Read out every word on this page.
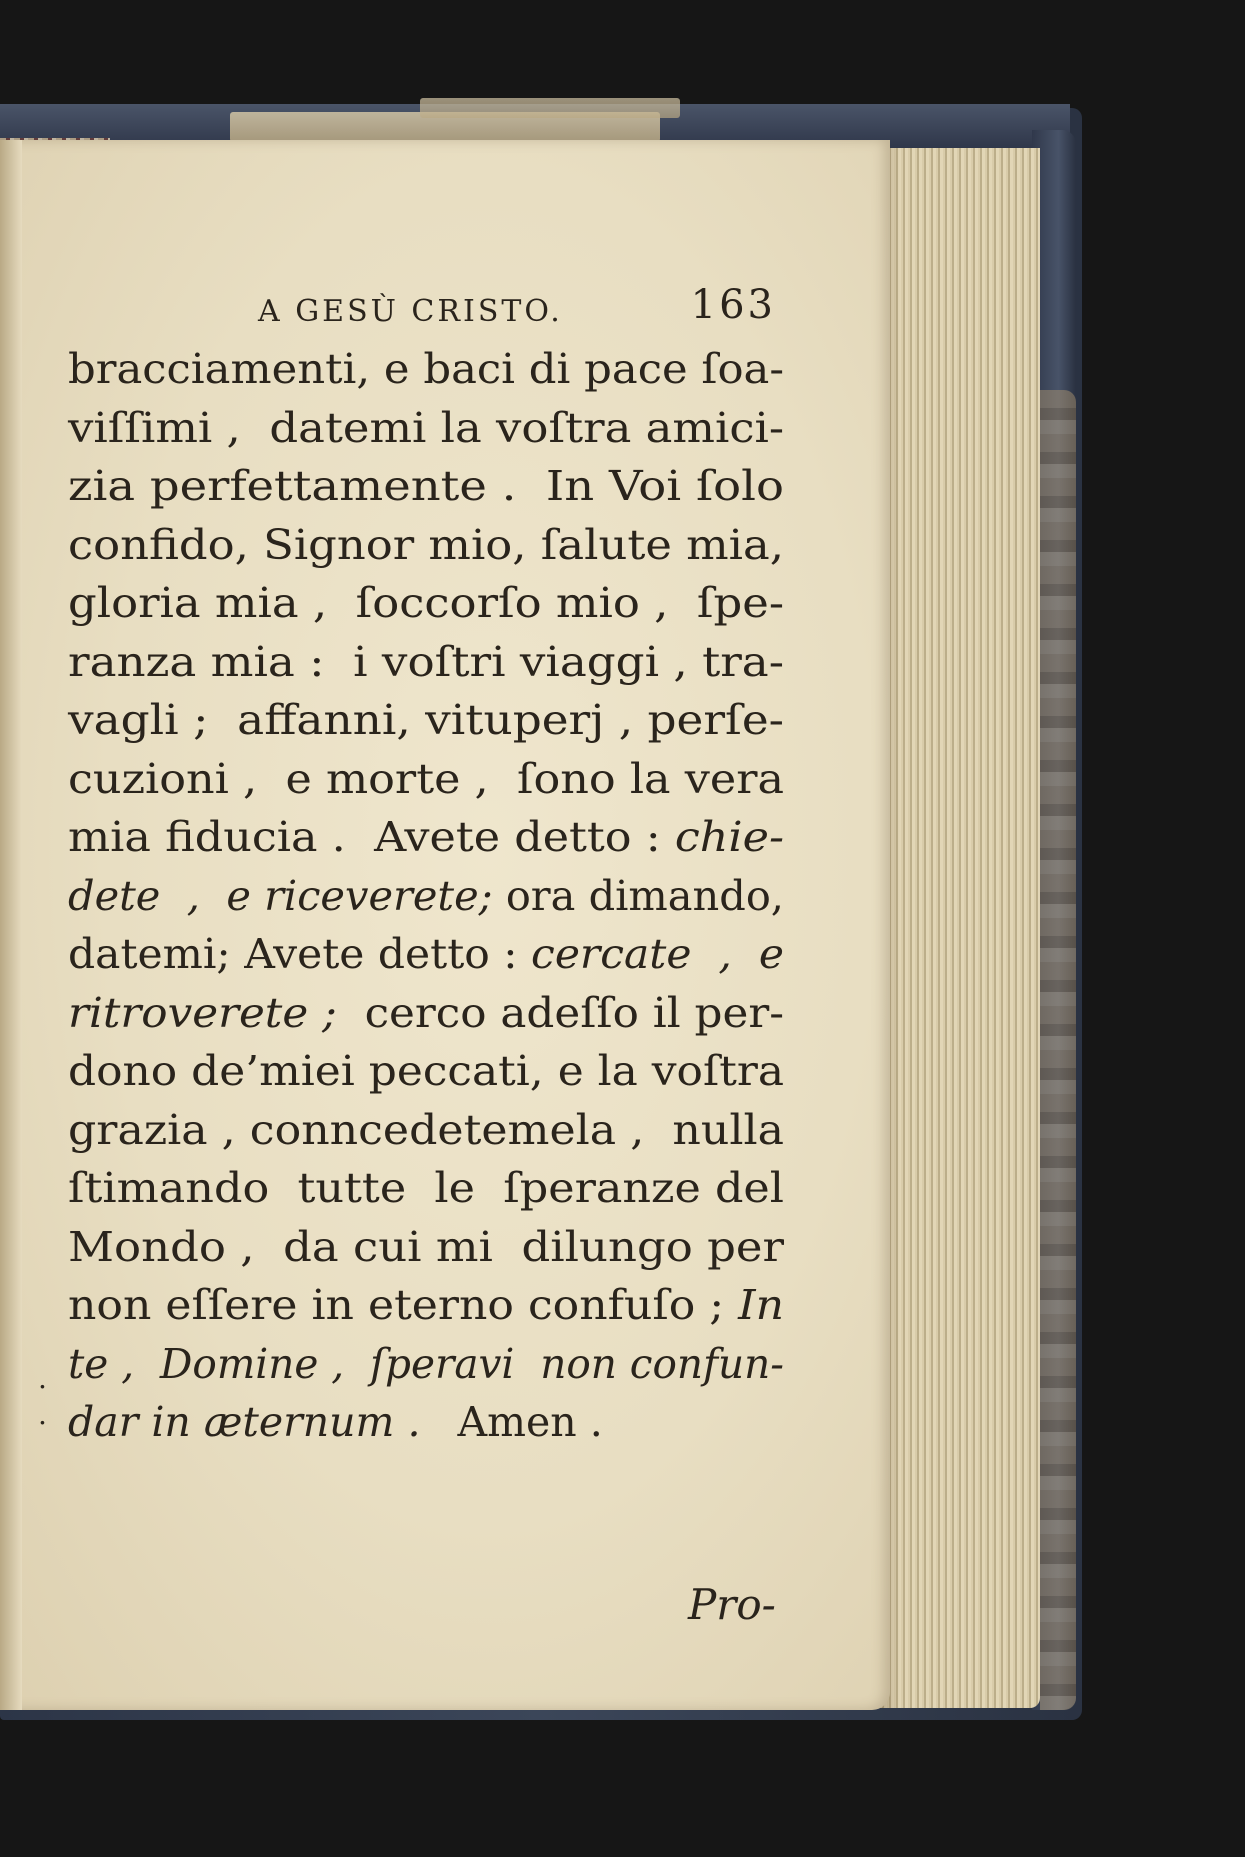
A GESÙ CRISTO.	163
bracciamenti, e baci di pace ſoa-
viſſimi ,  datemi la voſtra amici-
zia perfettamente .  In Voi ſolo
confido, Signor mio, ſalute mia,
gloria mia ,  ſoccorſo mio ,  ſpe-
ranza mia :  i voſtri viaggi , tra-
vagli ;  affanni, vituperj , perſe-
cuzioni ,  e morte ,  ſono la vera
mia fiducia .  Avete detto : chie-
dete  ,  e riceverete; ora dimando,
datemi; Avete detto : cercate  ,  e
ritroverete ;  cerco adeſſo il per-
dono de’miei peccati, e la voſtra
grazia , conncedetemela ,  nulla
ſtimando  tutte  le  ſperanze del
Mondo ,  da cui mi  dilungo per
non eſſere in eterno confuſo ; In
te ,  Domine ,  ſperavi  non confun-
dar in æternum . Amen .
.
.
Pro-
